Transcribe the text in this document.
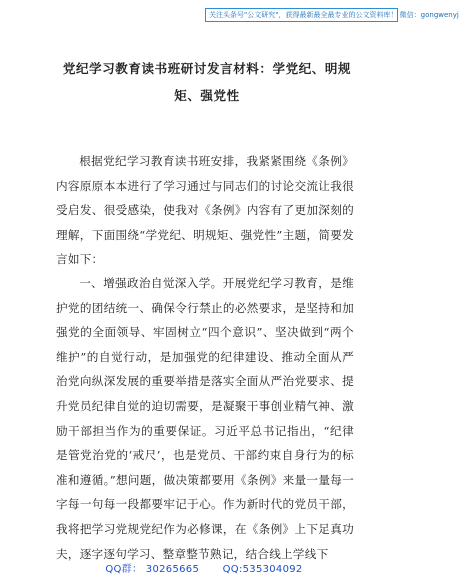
关注头条号"公文研究"，获得最新最全最专业的公文资料库！ 微信：gongwenyj
党纪学习教育读书班研讨发言材料：学党纪、明规矩、强党性

根据党纪学习教育读书班安排，我紧紧围绕《条例》内容原原本本进行了学习通过与同志们的讨论交流让我很受启发、很受感染，使我对《条例》内容有了更加深刻的理解，下面围绕“学党纪、明规矩、强党性”主题，简要发言如下：

一、增强政治自觉深入学。开展党纪学习教育，是维护党的团结统一、确保令行禁止的必然要求，是坚持和加强党的全面领导、牢固树立“四个意识”、坚决做到“两个维护”的自觉行动，是加强党的纪律建设、推动全面从严治党向纵深发展的重要举措是落实全面从严治党要求、提升党员纪律自觉的迫切需要，是凝聚干事创业精气神、激励干部担当作为的重要保证。习近平总书记指出，“纪律是管党治党的‘戒尺’，也是党员、干部约束自身行为的标准和遵循。”想问题，做决策都要用《条例》来量一量每一字每一句每一段都要牢记于心。作为新时代的党员干部，我将把学习党规党纪作为必修课，在《条例》上下足真功夫，逐字逐句学习、整章整节熟记，结合线上学线下

QQ群： 30265665 QQ:535304092
